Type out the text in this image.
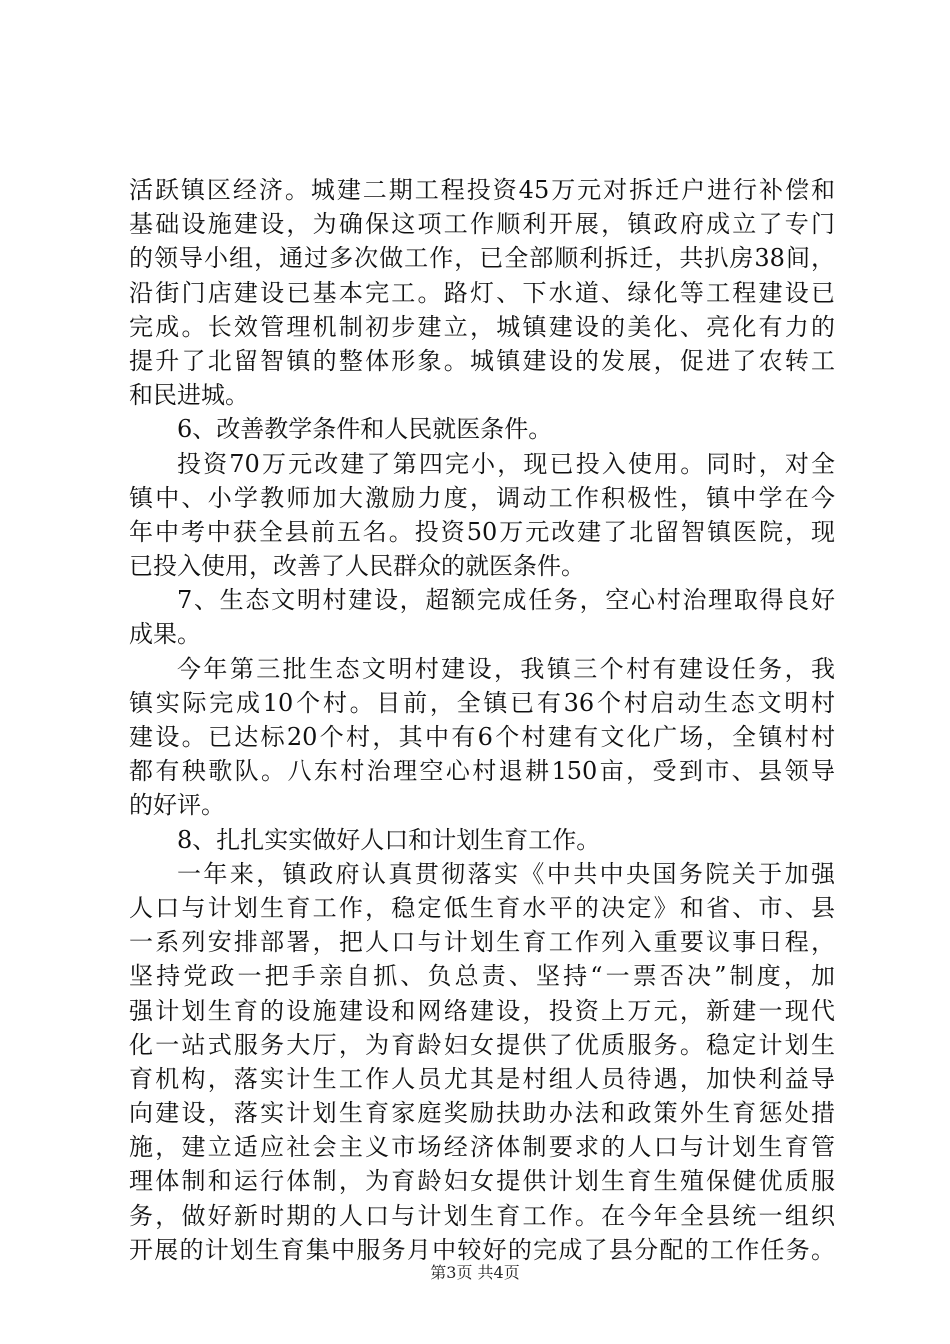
活跃镇区经济。城建二期工程投资45万元对拆迁户进行补偿和
基础设施建设，为确保这项工作顺利开展，镇政府成立了专门
的领导小组，通过多次做工作，已全部顺利拆迁，共扒房38间，
沿街门店建设已基本完工。路灯、下水道、绿化等工程建设已
完成。长效管理机制初步建立，城镇建设的美化、亮化有力的
提升了北留智镇的整体形象。城镇建设的发展，促进了农转工
和民进城。
6、改善教学条件和人民就医条件。
投资70万元改建了第四完小，现已投入使用。同时，对全
镇中、小学教师加大激励力度，调动工作积极性，镇中学在今
年中考中获全县前五名。投资50万元改建了北留智镇医院，现
已投入使用，改善了人民群众的就医条件。
7、生态文明村建设，超额完成任务，空心村治理取得良好
成果。
今年第三批生态文明村建设，我镇三个村有建设任务，我
镇实际完成10个村。目前，全镇已有36个村启动生态文明村
建设。已达标20个村，其中有6个村建有文化广场，全镇村村
都有秧歌队。八东村治理空心村退耕150亩，受到市、县领导
的好评。
8、扎扎实实做好人口和计划生育工作。
一年来，镇政府认真贯彻落实《中共中央国务院关于加强
人口与计划生育工作，稳定低生育水平的决定》和省、市、县
一系列安排部署，把人口与计划生育工作列入重要议事日程，
坚持党政一把手亲自抓、负总责、坚持“一票否决”制度，加
强计划生育的设施建设和网络建设，投资上万元，新建一现代
化一站式服务大厅，为育龄妇女提供了优质服务。稳定计划生
育机构，落实计生工作人员尤其是村组人员待遇，加快利益导
向建设，落实计划生育家庭奖励扶助办法和政策外生育惩处措
施，建立适应社会主义市场经济体制要求的人口与计划生育管
理体制和运行体制，为育龄妇女提供计划生育生殖保健优质服
务，做好新时期的人口与计划生育工作。在今年全县统一组织
开展的计划生育集中服务月中较好的完成了县分配的工作任务。
第3页 共4页
